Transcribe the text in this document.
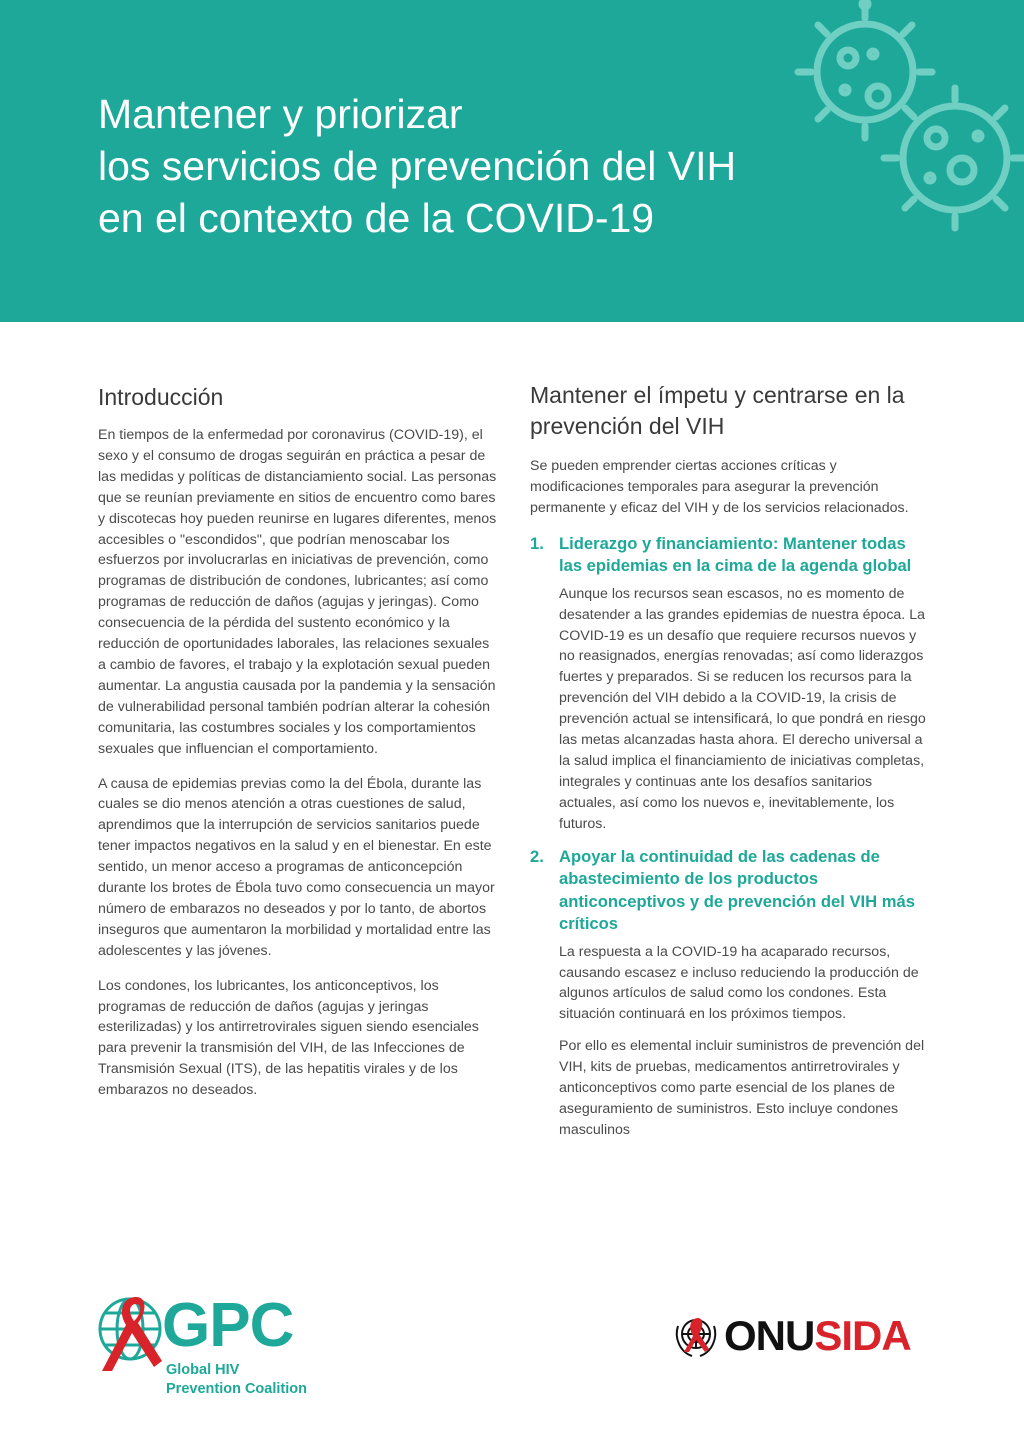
Mantener y priorizar
los servicios de prevención del VIH
en el contexto de la COVID-19
Introducción

En tiempos de la enfermedad por coronavirus (COVID-19), el sexo y el consumo de drogas seguirán en práctica a pesar de las medidas y políticas de distanciamiento social. Las personas que se reunían previamente en sitios de encuentro como bares y discotecas hoy pueden reunirse en lugares diferentes, menos accesibles o "escondidos", que podrían menoscabar los esfuerzos por involucrarlas en iniciativas de prevención, como programas de distribución de condones, lubricantes; así como programas de reducción de daños (agujas y jeringas). Como consecuencia de la pérdida del sustento económico y la reducción de oportunidades laborales, las relaciones sexuales a cambio de favores, el trabajo y la explotación sexual pueden aumentar. La angustia causada por la pandemia y la sensación de vulnerabilidad personal también podrían alterar la cohesión comunitaria, las costumbres sociales y los comportamientos sexuales que influencian el comportamiento.

A causa de epidemias previas como la del Ébola, durante las cuales se dio menos atención a otras cuestiones de salud, aprendimos que la interrupción de servicios sanitarios puede tener impactos negativos en la salud y en el bienestar. En este sentido, un menor acceso a programas de anticoncepción durante los brotes de Ébola tuvo como consecuencia un mayor número de embarazos no deseados y por lo tanto, de abortos inseguros que aumentaron la morbilidad y mortalidad entre las adolescentes y las jóvenes.

Los condones, los lubricantes, los anticonceptivos, los programas de reducción de daños (agujas y jeringas esterilizadas) y los antirretrovirales siguen siendo esenciales para prevenir la transmisión del VIH, de las Infecciones de Transmisión Sexual (ITS), de las hepatitis virales y de los embarazos no deseados.

Mantener el ímpetu y centrarse en la prevención del VIH

Se pueden emprender ciertas acciones críticas y modificaciones temporales para asegurar la prevención permanente y eficaz del VIH y de los servicios relacionados.

1. Liderazgo y financiamiento: Mantener todas las epidemias en la cima de la agenda global

Aunque los recursos sean escasos, no es momento de desatender a las grandes epidemias de nuestra época. La COVID-19 es un desafío que requiere recursos nuevos y no reasignados, energías renovadas; así como liderazgos fuertes y preparados. Si se reducen los recursos para la prevención del VIH debido a la COVID-19, la crisis de prevención actual se intensificará, lo que pondrá en riesgo las metas alcanzadas hasta ahora. El derecho universal a la salud implica el financiamiento de iniciativas completas, integrales y continuas ante los desafíos sanitarios actuales, así como los nuevos e, inevitablemente, los futuros.

2. Apoyar la continuidad de las cadenas de abastecimiento de los productos anticonceptivos y de prevención del VIH más críticos

La respuesta a la COVID-19 ha acaparado recursos, causando escasez e incluso reduciendo la producción de algunos artículos de salud como los condones. Esta situación continuará en los próximos tiempos.

Por ello es elemental incluir suministros de prevención del VIH, kits de pruebas, medicamentos antirretrovirales y anticonceptivos como parte esencial de los planes de aseguramiento de suministros. Esto incluye condones masculinos

GPC
Global HIV
Prevention Coalition
ONUSIDA
